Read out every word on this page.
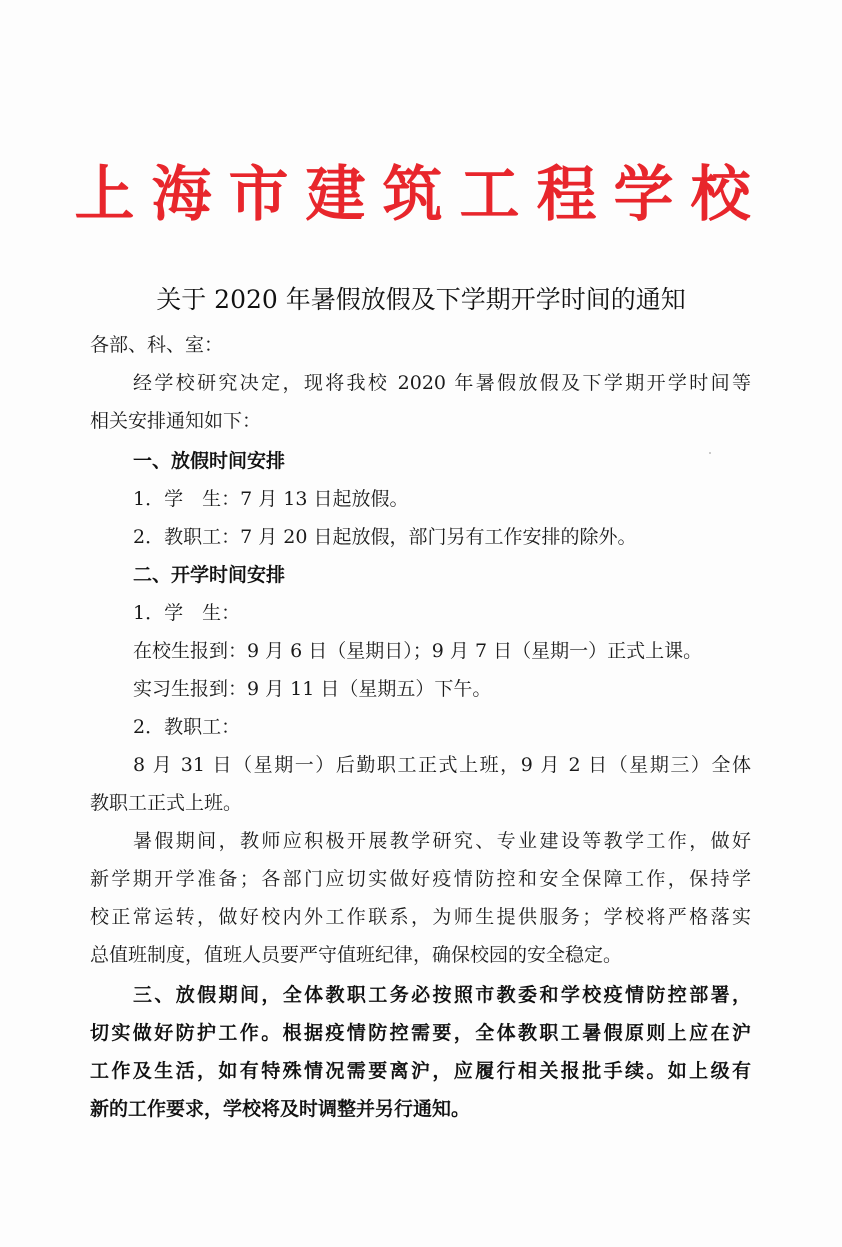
上海市建筑工程学校
关于 2020 年暑假放假及下学期开学时间的通知
各部、科、室：
经学校研究决定，现将我校 2020 年暑假放假及下学期开学时间等
相关安排通知如下：
一、放假时间安排
1．学　生：7 月 13 日起放假。
2．教职工：7 月 20 日起放假，部门另有工作安排的除外。
二、开学时间安排
1．学　生：
在校生报到：9 月 6 日（星期日）；9 月 7 日（星期一）正式上课。
实习生报到：9 月 11 日（星期五）下午。
2．教职工：
8 月 31 日（星期一）后勤职工正式上班，9 月 2 日（星期三）全体
教职工正式上班。
暑假期间，教师应积极开展教学研究、专业建设等教学工作，做好
新学期开学准备；各部门应切实做好疫情防控和安全保障工作，保持学
校正常运转，做好校内外工作联系，为师生提供服务；学校将严格落实
总值班制度，值班人员要严守值班纪律，确保校园的安全稳定。
三、放假期间，全体教职工务必按照市教委和学校疫情防控部署，
切实做好防护工作。根据疫情防控需要，全体教职工暑假原则上应在沪
工作及生活，如有特殊情况需要离沪，应履行相关报批手续。如上级有
新的工作要求，学校将及时调整并另行通知。
